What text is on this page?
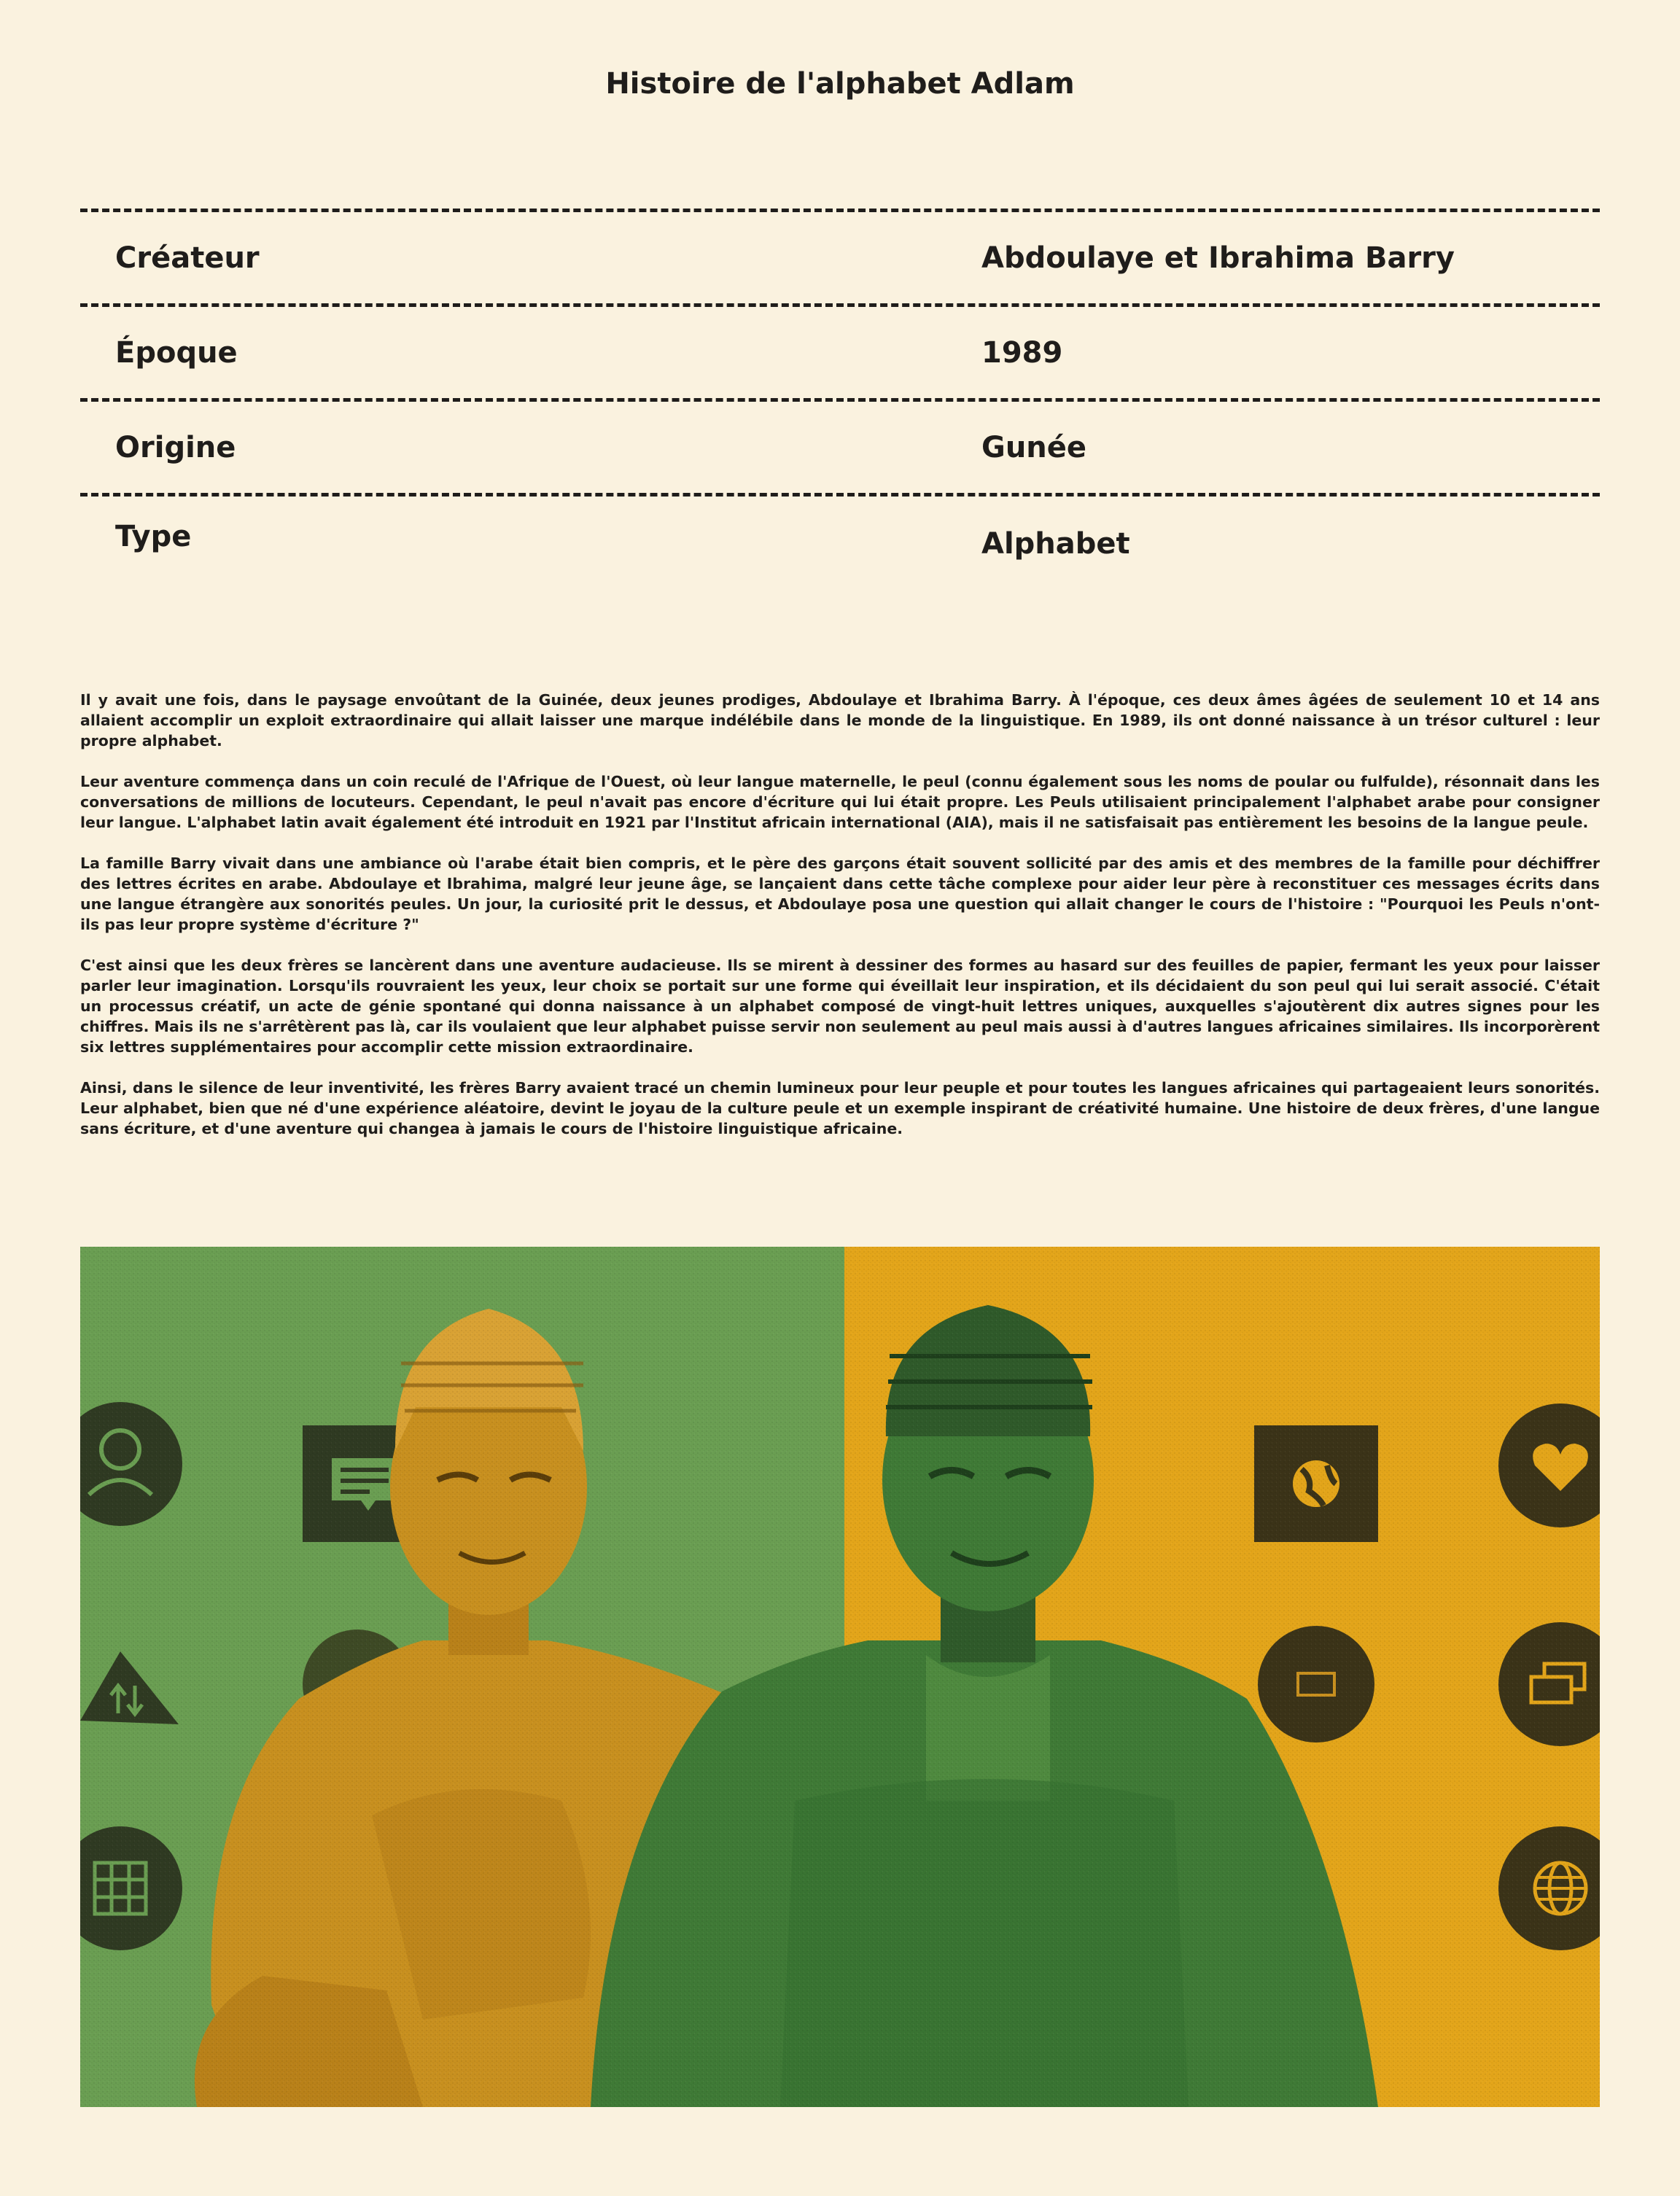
Histoire de l'alphabet Adlam
Créateur	Abdoulaye et Ibrahima Barry
Époque	1989
Origine	Gunée
Type	Alphabet

Il y avait une fois, dans le paysage envoûtant de la Guinée, deux jeunes prodiges, Abdoulaye et Ibrahima Barry. À l'époque, ces deux âmes âgées de seulement 10 et 14 ans allaient accomplir un exploit extraordinaire qui allait laisser une marque indélébile dans le monde de la linguistique. En 1989, ils ont donné naissance à un trésor culturel : leur propre alphabet.

Leur aventure commença dans un coin reculé de l'Afrique de l'Ouest, où leur langue maternelle, le peul (connu également sous les noms de poular ou fulfulde), résonnait dans les conversations de millions de locuteurs. Cependant, le peul n'avait pas encore d'écriture qui lui était propre. Les Peuls utilisaient principalement l'alphabet arabe pour consigner leur langue. L'alphabet latin avait également été introduit en 1921 par l'Institut africain international (AIA), mais il ne satisfaisait pas entièrement les besoins de la langue peule.

La famille Barry vivait dans une ambiance où l'arabe était bien compris, et le père des garçons était souvent sollicité par des amis et des membres de la famille pour déchiffrer des lettres écrites en arabe. Abdoulaye et Ibrahima, malgré leur jeune âge, se lançaient dans cette tâche complexe pour aider leur père à reconstituer ces messages écrits dans une langue étrangère aux sonorités peules. Un jour, la curiosité prit le dessus, et Abdoulaye posa une question qui allait changer le cours de l'histoire : "Pourquoi les Peuls n'ont-ils pas leur propre système d'écriture ?"

C'est ainsi que les deux frères se lancèrent dans une aventure audacieuse. Ils se mirent à dessiner des formes au hasard sur des feuilles de papier, fermant les yeux pour laisser parler leur imagination. Lorsqu'ils rouvraient les yeux, leur choix se portait sur une forme qui éveillait leur inspiration, et ils décidaient du son peul qui lui serait associé. C'était un processus créatif, un acte de génie spontané qui donna naissance à un alphabet composé de vingt-huit lettres uniques, auxquelles s'ajoutèrent dix autres signes pour les chiffres. Mais ils ne s'arrêtèrent pas là, car ils voulaient que leur alphabet puisse servir non seulement au peul mais aussi à d'autres langues africaines similaires. Ils incorporèrent six lettres supplémentaires pour accomplir cette mission extraordinaire.

Ainsi, dans le silence de leur inventivité, les frères Barry avaient tracé un chemin lumineux pour leur peuple et pour toutes les langues africaines qui partageaient leurs sonorités. Leur alphabet, bien que né d'une expérience aléatoire, devint le joyau de la culture peule et un exemple inspirant de créativité humaine. Une histoire de deux frères, d'une langue sans écriture, et d'une aventure qui changea à jamais le cours de l'histoire linguistique africaine.
